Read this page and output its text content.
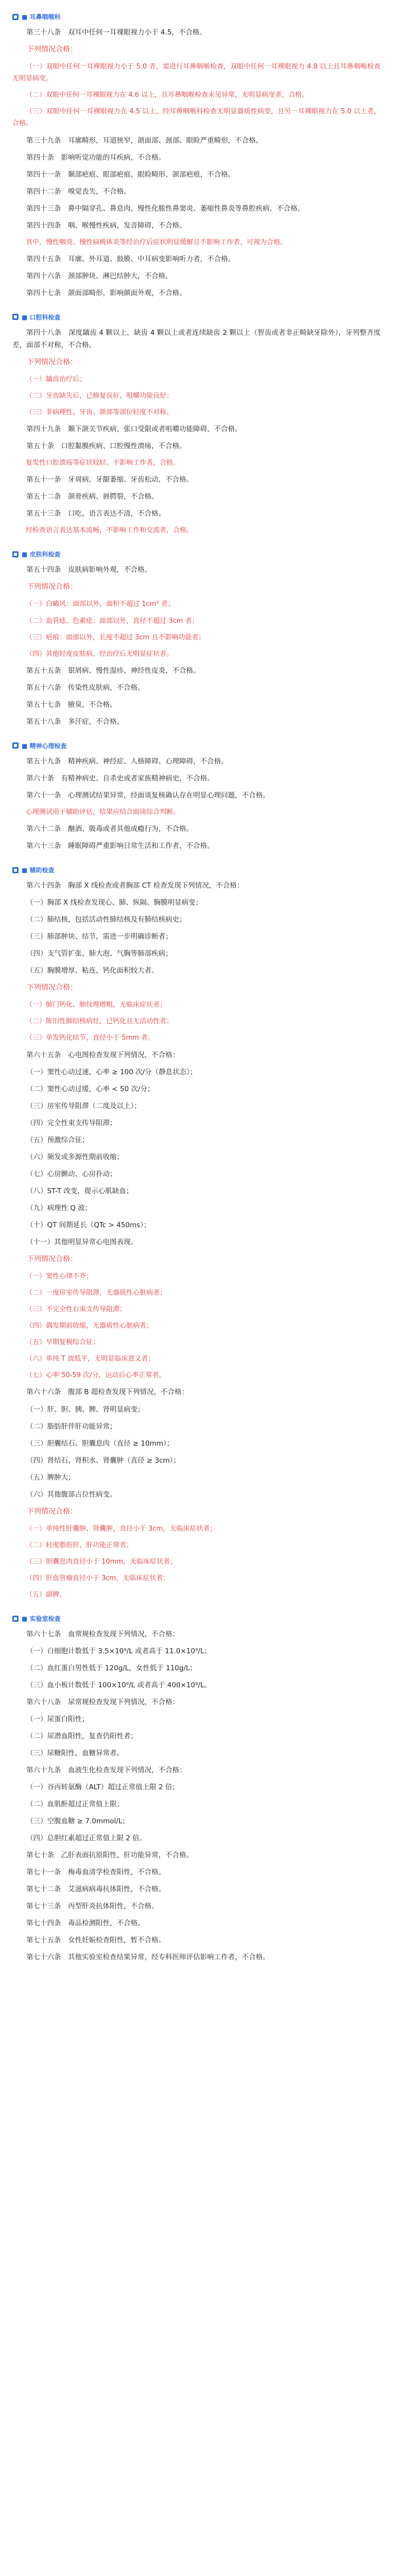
■ 耳鼻咽喉科

第三十八条　双耳中任何一耳裸眼视力小于 4.5，不合格。

下列情况合格：

（一）双眼中任何一耳裸眼视力小于 5.0 者，需进行耳鼻咽喉检查，双眼中任何一耳裸眼视力 4.8 以上且耳鼻咽喉检查无明显病变。

（二）双眼中任何一耳裸眼视力在 4.6 以上，且耳鼻咽喉检查未见异常，无明显病变者，合格。

（三）双眼中任何一耳裸眼视力在 4.5 以上，经耳鼻咽喉科检查无明显器质性病变，且另一耳裸眼视力在 5.0 以上者，合格。

第三十九条　耳廓畸形，耳道狭窄，颌面部、颈部、眼睑严重畸形，不合格。

第四十条　影响听觉功能的耳疾病，不合格。

第四十一条　颞部疤痕、眼部疤痕、眼睑畸形、颌部疤痕，不合格。

第四十二条　嗅觉丧失，不合格。

第四十三条　鼻中隔穿孔、鼻息肉、慢性化脓性鼻窦炎、萎缩性鼻炎等鼻腔疾病，不合格。

第四十四条　咽、喉慢性疾病，发音障碍，不合格。

其中，慢性咽炎、慢性扁桃体炎等经治疗后症状明显缓解且不影响工作者，可视为合格。

第四十五条　耳廓、外耳道、鼓膜、中耳病变影响听力者，不合格。

第四十六条　颈部肿块、淋巴结肿大，不合格。

第四十七条　颌面部畸形，影响颜面外观，不合格。

■ 口腔科检查

第四十八条　深度龋齿 4 颗以上，缺齿 4 颗以上或者连续缺齿 2 颗以上（智齿或者非正畸缺牙除外），牙列整齐度差，面部不对称，不合格。

下列情况合格：

（一）龋齿治疗后；

（二）牙齿缺失后，已修复良好，咀嚼功能良好；

（三）非病理性，牙齿、颌部等部位轻度不对称。

第四十九条　颞下颌关节疾病，张口受限或者咀嚼功能障碍，不合格。

第五十条　口腔黏膜疾病、口腔慢性溃疡，不合格。

复发性口腔溃疡等症状较轻、不影响工作者，合格。

第五十一条　牙周病、牙龈萎缩、牙齿松动，不合格。

第五十二条　颌骨疾病、唇腭裂，不合格。

第五十三条　口吃，语言表达不清，不合格。

经检查语言表达基本流畅，不影响工作和交流者，合格。

■ 皮肤科检查

第五十四条　皮肤病影响外观，不合格。

下列情况合格：

（一）白癜风：面部以外，面积不超过 1cm² 者；

（二）血管痣、色素痣：面部以外，直径不超过 3cm 者；

（三）疤痕：面部以外，长度不超过 3cm 且不影响功能者；

（四）其他轻度皮肤病，经治疗后无明显症状者。

第五十五条　银屑病、慢性湿疹、神经性皮炎，不合格。

第五十六条　传染性皮肤病，不合格。

第五十七条　腋臭，不合格。

第五十八条　多汗症，不合格。

■ 精神心理检查

第五十九条　精神疾病、神经症、人格障碍、心理障碍，不合格。

第六十条　有精神病史、自杀史或者家族精神病史，不合格。

第六十一条　心理测试结果异常，经面谈复核确认存在明显心理问题，不合格。

心理测试用于辅助评估，结果应结合面谈综合判断。

第六十二条　酗酒、吸毒或者其他成瘾行为，不合格。

第六十三条　睡眠障碍严重影响日常生活和工作者，不合格。

■ 辅助检查

第六十四条　胸部 X 线检查或者胸部 CT 检查发现下列情况，不合格：

（一）胸部 X 线检查发现心、肺、纵隔、胸膜明显病变；

（二）肺结核，包括活动性肺结核及有肺结核病史；

（三）肺部肿块、结节，需进一步明确诊断者；

（四）支气管扩张、肺大泡、气胸等肺部疾病；

（五）胸膜增厚、粘连，钙化面积较大者。

下列情况合格：

（一）肺门钙化、肺纹理增粗，无临床症状者；

（二）陈旧性肺结核病灶，已钙化且无活动性者；

（三）单发钙化结节，直径小于 5mm 者。

第六十五条　心电图检查发现下列情况，不合格：

（一）窦性心动过速，心率 ≥ 100 次/分（静息状态）；

（二）窦性心动过缓，心率 < 50 次/分；

（三）房室传导阻滞（二度及以上）；

（四）完全性束支传导阻滞；

（五）预激综合征；

（六）频发或多源性期前收缩；

（七）心房颤动、心房扑动；

（八）ST-T 改变，提示心肌缺血；

（九）病理性 Q 波；

（十）QT 间期延长（QTc > 450ms）；

（十一）其他明显异常心电图表现。

下列情况合格：

（一）窦性心律不齐；

（二）一度房室传导阻滞，无器质性心脏病者；

（三）不完全性右束支传导阻滞；

（四）偶发期前收缩，无器质性心脏病者；

（五）早期复极综合征；

（六）单纯 T 波低平，无明显临床意义者；

（七）心率 50-59 次/分，运动后心率正常者。

第六十六条　腹部 B 超检查发现下列情况，不合格：

（一）肝、胆、胰、脾、肾明显病变；

（二）脂肪肝伴肝功能异常；

（三）胆囊结石、胆囊息肉（直径 ≥ 10mm）；

（四）肾结石、肾积水、肾囊肿（直径 ≥ 3cm）；

（五）脾肿大；

（六）其他腹部占位性病变。

下列情况合格：

（一）单纯性肝囊肿、肾囊肿，直径小于 3cm，无临床症状者；

（二）轻度脂肪肝，肝功能正常者；

（三）胆囊息肉直径小于 10mm，无临床症状者；

（四）肝血管瘤直径小于 3cm，无临床症状者；

（五）副脾。

■ 实验室检查

第六十七条　血常规检查发现下列情况，不合格：

（一）白细胞计数低于 3.5×10⁹/L 或者高于 11.0×10⁹/L；

（二）血红蛋白男性低于 120g/L，女性低于 110g/L；

（三）血小板计数低于 100×10⁹/L 或者高于 400×10⁹/L。

第六十八条　尿常规检查发现下列情况，不合格：

（一）尿蛋白阳性；

（二）尿潜血阳性，复查仍阳性者；

（三）尿糖阳性，血糖异常者。

第六十九条　血液生化检查发现下列情况，不合格：

（一）谷丙转氨酶（ALT）超过正常值上限 2 倍；

（二）血肌酐超过正常值上限；

（三）空腹血糖 ≥ 7.0mmol/L；

（四）总胆红素超过正常值上限 2 倍。

第七十条　乙肝表面抗原阳性，肝功能异常，不合格。

第七十一条　梅毒血清学检查阳性，不合格。

第七十二条　艾滋病病毒抗体阳性，不合格。

第七十三条　丙型肝炎抗体阳性，不合格。

第七十四条　毒品检测阳性，不合格。

第七十五条　女性妊娠检查阳性，暂不合格。

第七十六条　其他实验室检查结果异常，经专科医师评估影响工作者，不合格。
